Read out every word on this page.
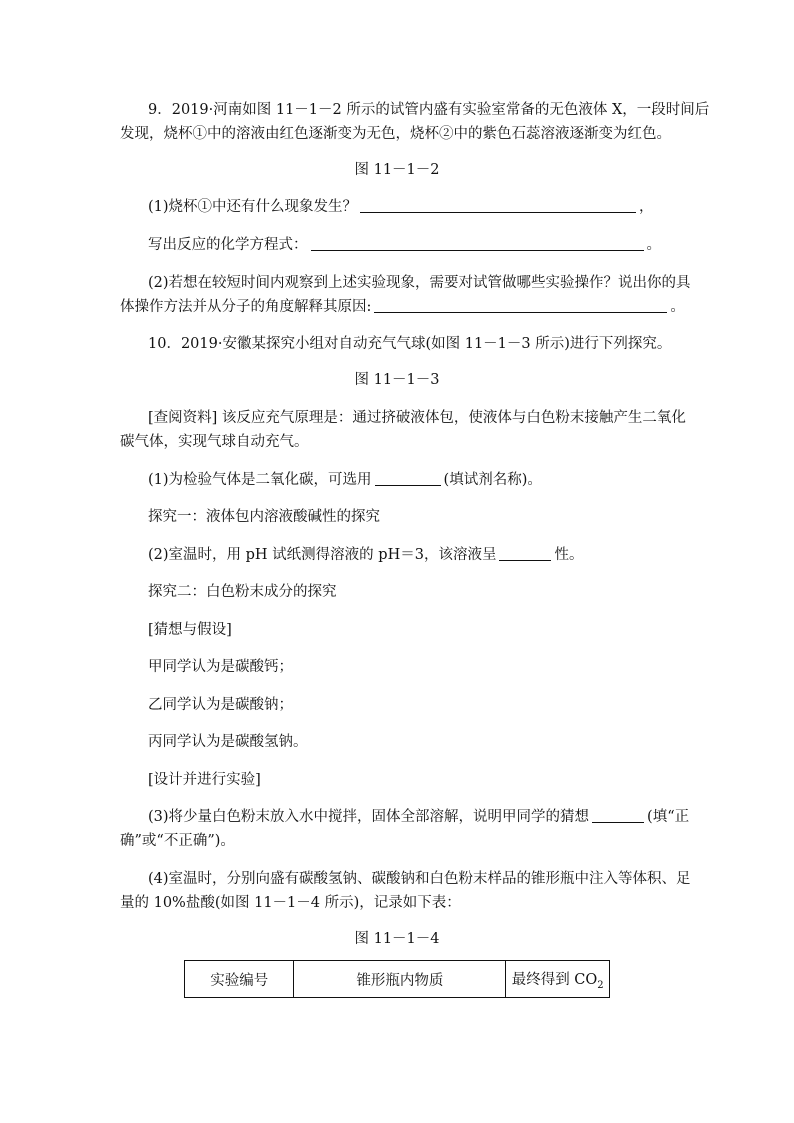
9．2019·河南如图 11－1－2 所示的试管内盛有实验室常备的无色液体 X，一段时间后

发现，烧杯①中的溶液由红色逐渐变为无色，烧杯②中的紫色石蕊溶液逐渐变为红色。

图 11－1－2

(1)烧杯①中还有什么现象发生？	，

写出反应的化学方程式：	。

(2)若想在较短时间内观察到上述实验现象，需要对试管做哪些实验操作？说出你的具

体操作方法并从分子的角度解释其原因:	。

10．2019·安徽某探究小组对自动充气气球(如图 11－1－3 所示)进行下列探究。

图 11－1－3

[查阅资料] 该反应充气原理是：通过挤破液体包，使液体与白色粉末接触产生二氧化

碳气体，实现气球自动充气。

(1)为检验气体是二氧化碳，可选用	(填试剂名称)。

探究一：液体包内溶液酸碱性的探究

(2)室温时，用 pH 试纸测得溶液的 pH＝3，该溶液呈	性。

探究二：白色粉末成分的探究

[猜想与假设]

甲同学认为是碳酸钙；

乙同学认为是碳酸钠；

丙同学认为是碳酸氢钠。

[设计并进行实验]

(3)将少量白色粉末放入水中搅拌，固体全部溶解，说明甲同学的猜想	(填“正

确”或“不正确”)。

(4)室温时，分别向盛有碳酸氢钠、碳酸钠和白色粉末样品的锥形瓶中注入等体积、足

量的 10%盐酸(如图 11－1－4 所示)，记录如下表：

图 11－1－4

实验编号	锥形瓶内物质	最终得到 $CO_2$
